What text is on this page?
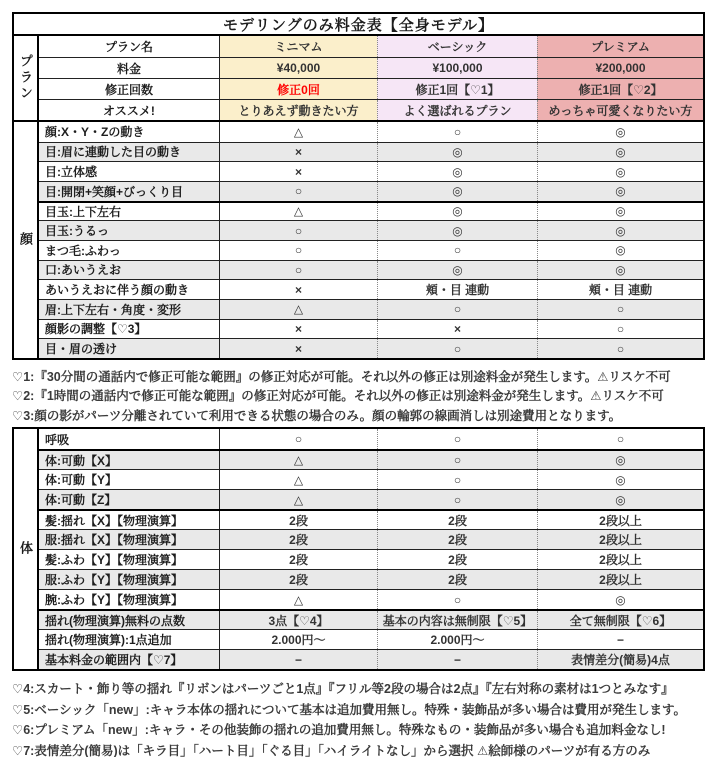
モデリングのみ料金表【全身モデル】
プラン
プラン名	ミニマム	ベーシック	プレミアム
料金	¥40,000	¥100,000	¥200,000
修正回数	修正0回	修正1回【♡1】	修正1回【♡2】
オススメ!	とりあえず動きたい方	よく選ばれるプラン	めっちゃ可愛くなりたい方
顔
顔:X・Y・Zの動き	△	○	◎
目:眉に連動した目の動き	×	◎	◎
目:立体感	×	◎	◎
目:開閉+笑顔+びっくり目	○	◎	◎
目玉:上下左右	△	◎	◎
目玉:うるっ	○	◎	◎
まつ毛:ふわっ	○	○	◎
口:あいうえお	○	◎	◎
あいうえおに伴う顔の動き	×	頬・目 連動	頬・目 連動
眉:上下左右・角度・変形	△	○	○
顔影の調整【♡3】	×	×	○
目・眉の透け	×	○	○
♡1:『30分間の通話内で修正可能な範囲』の修正対応が可能。それ以外の修正は別途料金が発生します。⚠リスケ不可
♡2:『1時間の通話内で修正可能な範囲』の修正対応が可能。それ以外の修正は別途料金が発生します。⚠リスケ不可
♡3:顔の影がパーツ分離されていて利用できる状態の場合のみ。顔の輪郭の線画消しは別途費用となります。
体
呼吸	○	○	○
体:可動【X】	△	○	◎
体:可動【Y】	△	○	◎
体:可動【Z】	△	○	◎
髪:揺れ【X】【物理演算】	2段	2段	2段以上
服:揺れ【X】【物理演算】	2段	2段	2段以上
髪:ふわ【Y】【物理演算】	2段	2段	2段以上
服:ふわ【Y】【物理演算】	2段	2段	2段以上
腕:ふわ【Y】【物理演算】	△	○	◎
揺れ(物理演算)無料の点数	3点【♡4】	基本の内容は無制限【♡5】	全て無制限【♡6】
揺れ(物理演算):1点追加	2.000円〜	2.000円〜	−
基本料金の範囲内【♡7】	−	−	表情差分(簡易)4点
♡4:スカート・飾り等の揺れ『リボンはパーツごと1点』『フリル等2段の場合は2点』『左右対称の素材は1つとみなす』
♡5:ベーシック「new」:キャラ本体の揺れについて基本は追加費用無し。特殊・装飾品が多い場合は費用が発生します。
♡6:プレミアム「new」:キャラ・その他装飾の揺れの追加費用無し。特殊なもの・装飾品が多い場合も追加料金なし!
♡7:表情差分(簡易)は「キラ目」「ハート目」「ぐる目」「ハイライトなし」から選択 ⚠絵師様のパーツが有る方のみ
